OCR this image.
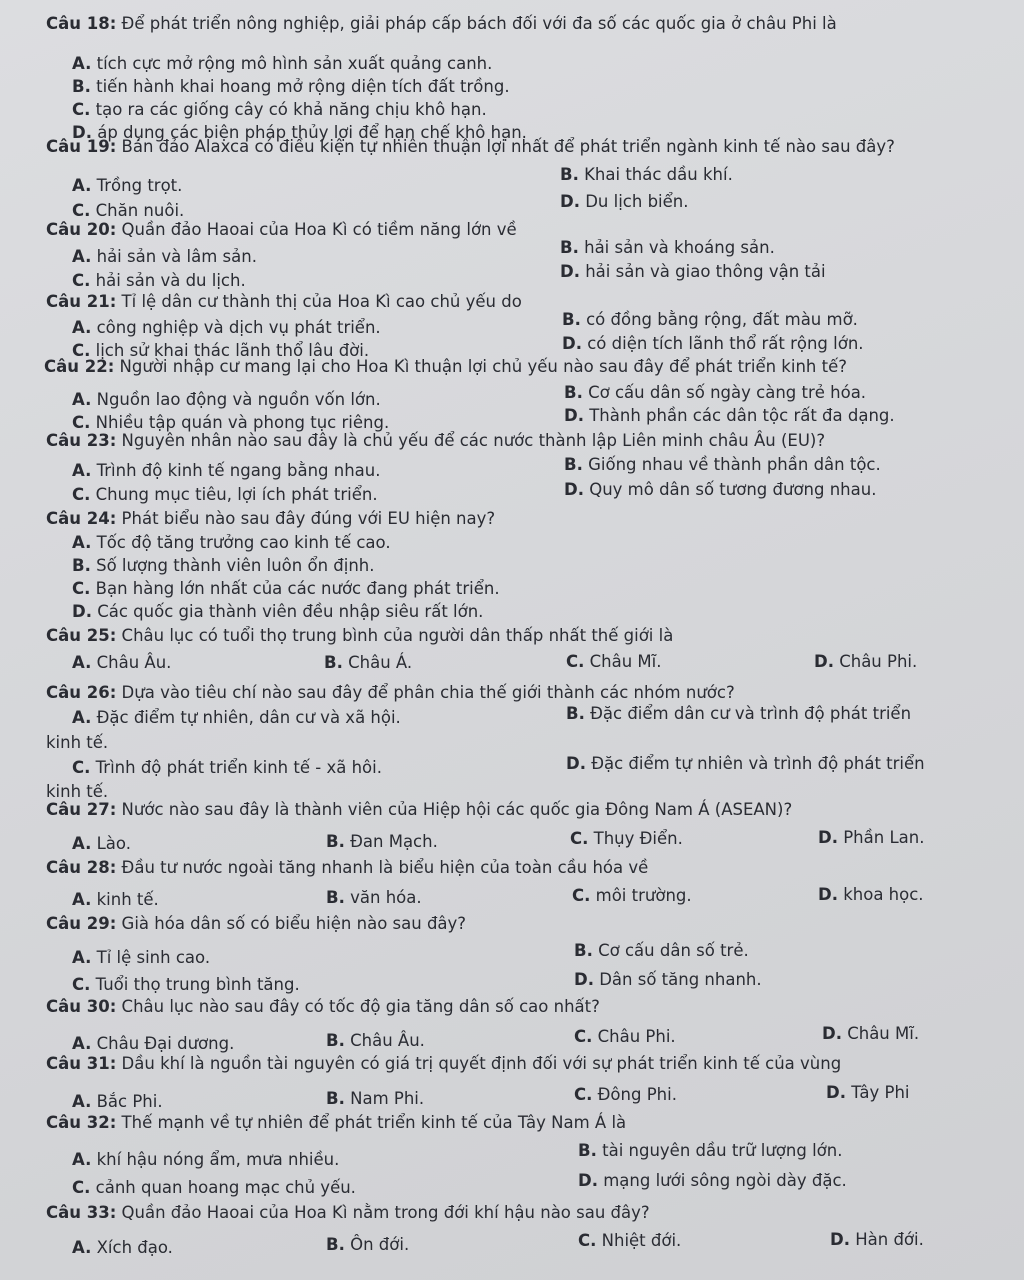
Câu 18: Để phát triển nông nghiệp, giải pháp cấp bách đối với đa số các quốc gia ở châu Phi là
A. tích cực mở rộng mô hình sản xuất quảng canh.
B. tiến hành khai hoang mở rộng diện tích đất trồng.
C. tạo ra các giống cây có khả năng chịu khô hạn.
D. áp dụng các biện pháp thủy lợi để hạn chế khô hạn.
Câu 19: Bán đảo Alaxca có điều kiện tự nhiên thuận lợi nhất để phát triển ngành kinh tế nào sau đây?
A. Trồng trọt.
B. Khai thác dầu khí.
C. Chăn nuôi.	D. Du lịch biển.
Câu 20: Quần đảo Haoai của Hoa Kì có tiềm năng lớn về
A. hải sản và lâm sản.	B. hải sản và khoáng sản.
C. hải sản và du lịch.	D. hải sản và giao thông vận tải
Câu 21: Tỉ lệ dân cư thành thị của Hoa Kì cao chủ yếu do
A. công nghiệp và dịch vụ phát triển.	B. có đồng bằng rộng, đất màu mỡ.
C. lịch sử khai thác lãnh thổ lâu đời.	D. có diện tích lãnh thổ rất rộng lớn.
Câu 22: Người nhập cư mang lại cho Hoa Kì thuận lợi chủ yếu nào sau đây để phát triển kinh tế?
A. Nguồn lao động và nguồn vốn lớn.	B. Cơ cấu dân số ngày càng trẻ hóa.
C. Nhiều tập quán và phong tục riêng.	D. Thành phần các dân tộc rất đa dạng.
Câu 23: Nguyên nhân nào sau đây là chủ yếu để các nước thành lập Liên minh châu Âu (EU)?
A. Trình độ kinh tế ngang bằng nhau.	B. Giống nhau về thành phần dân tộc.
C. Chung mục tiêu, lợi ích phát triển.	D. Quy mô dân số tương đương nhau.
Câu 24: Phát biểu nào sau đây đúng với EU hiện nay?
A. Tốc độ tăng trưởng cao kinh tế cao.
B. Số lượng thành viên luôn ổn định.
C. Bạn hàng lớn nhất của các nước đang phát triển.
D. Các quốc gia thành viên đều nhập siêu rất lớn.
Câu 25: Châu lục có tuổi thọ trung bình của người dân thấp nhất thế giới là
A. Châu Âu.	B. Châu Á.	C. Châu Mĩ.	D. Châu Phi.
Câu 26: Dựa vào tiêu chí nào sau đây để phân chia thế giới thành các nhóm nước?
A. Đặc điểm tự nhiên, dân cư và xã hội.	B. Đặc điểm dân cư và trình độ phát triển
kinh tế.
C. Trình độ phát triển kinh tế - xã hôi.	D. Đặc điểm tự nhiên và trình độ phát triển
kinh tế.
Câu 27: Nước nào sau đây là thành viên của Hiệp hội các quốc gia Đông Nam Á (ASEAN)?
A. Lào.	B. Đan Mạch.	C. Thụy Điển.	D. Phần Lan.
Câu 28: Đầu tư nước ngoài tăng nhanh là biểu hiện của toàn cầu hóa về
A. kinh tế.	B. văn hóa.	C. môi trường.	D. khoa học.
Câu 29: Già hóa dân số có biểu hiện nào sau đây?
A. Tỉ lệ sinh cao.	B. Cơ cấu dân số trẻ.
C. Tuổi thọ trung bình tăng.	D. Dân số tăng nhanh.
Câu 30: Châu lục nào sau đây có tốc độ gia tăng dân số cao nhất?
A. Châu Đại dương.	B. Châu Âu.	C. Châu Phi.	D. Châu Mĩ.
Câu 31: Dầu khí là nguồn tài nguyên có giá trị quyết định đối với sự phát triển kinh tế của vùng
A. Bắc Phi.	B. Nam Phi.	C. Đông Phi.	D. Tây Phi
Câu 32: Thế mạnh về tự nhiên để phát triển kinh tế của Tây Nam Á là
A. khí hậu nóng ẩm, mưa nhiều.	B. tài nguyên dầu trữ lượng lớn.
C. cảnh quan hoang mạc chủ yếu.	D. mạng lưới sông ngòi dày đặc.
Câu 33: Quần đảo Haoai của Hoa Kì nằm trong đới khí hậu nào sau đây?
A. Xích đạo.	B. Ôn đới.	C. Nhiệt đới.	D. Hàn đới.
